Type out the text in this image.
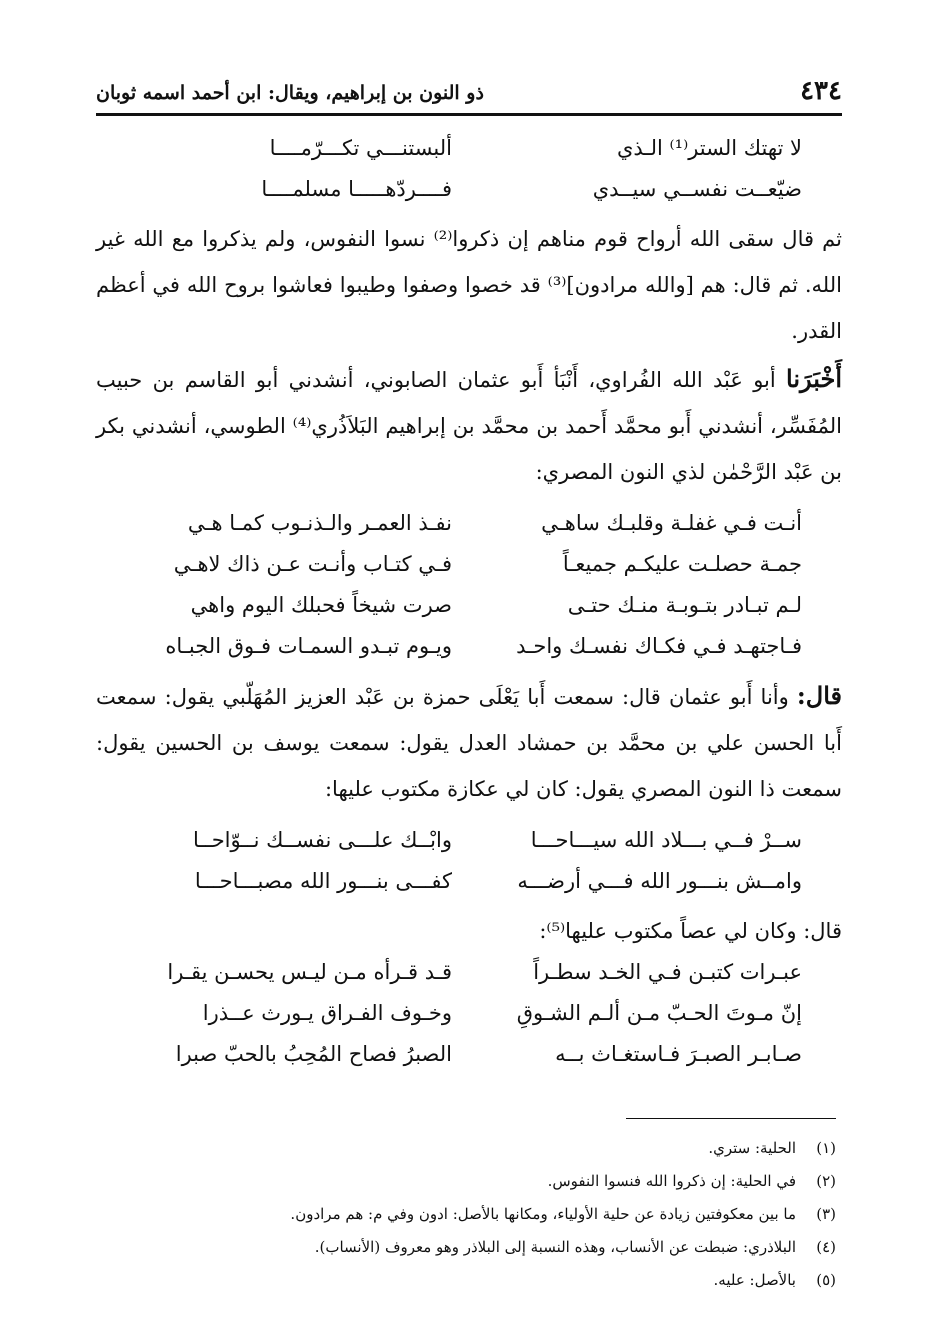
٤٣٤
ذو النون بن إبراهيم، ويقال: ابن أحمد اسمه ثوبان
لا تهتك الستر⁽¹⁾ الـذي
ألبستنـــي تكـــرّمــــا
ضيّعــت نفســي سيــدي
فــــردّهـــــا مسلمــــا

ثم قال سقى الله أرواح قوم مناهم إن ذكروا⁽²⁾ نسوا النفوس، ولم يذكروا مع الله غير الله. ثم قال: هم [والله مرادون]⁽³⁾ قد خصوا وصفوا وطيبوا فعاشوا بروح الله في أعظم القدر.

أَخْبَرَنا أبو عَبْد الله الفُراوي، أَنْبَأ أَبو عثمان الصابوني، أنشدني أبو القاسم بن حبيب المُفَسِّر، أنشدني أَبو محمَّد أَحمد بن محمَّد بن إبراهيم البَلاَذُري⁽⁴⁾ الطوسي، أنشدني بكر بن عَبْد الرَّحْمٰن لذي النون المصري:

أنـت فـي غفلـة وقلبـك ساهـي
نفـذ العمـر والـذنـوب كمـا هـي
جمـة حصلـت عليكـم جميعـاً
فـي كتـاب وأنـت عـن ذاك لاهـي
لـم تبـادر بتـوبـة منـك حتـى
صرت شيخاً فحبلك اليوم واهي
فـاجتهـد فـي فكـاك نفسـك واحـد
ويـوم تبـدو السمـات فـوق الجبـاه

قال: وأنا أَبو عثمان قال: سمعت أَبا يَعْلَى حمزة بن عَبْد العزيز المُهَلّبي يقول: سمعت أَبا الحسن علي بن محمَّد بن حمشاد العدل يقول: سمعت يوسف بن الحسين يقول: سمعت ذا النون المصري يقول: كان لي عكازة مكتوب عليها:

ســرْ فــي بـــلاد الله سيـــاحـــا
وابْــك علـــى نفســك نــوّاحــا
وامــش بنـــور الله فـــي أرضـــه
كفـــى بنـــور الله مصبـــاحـــا

قال: وكان لي عصاً مكتوب عليها⁽⁵⁾:

عبـرات كتبـن فـي الخـد سطـراً
قـد قـرأه مـن ليـس يحسـن يقـرا
إنّ مـوتَ الحـبّ مـن ألـم الشـوقِ
وخـوف الفـراق يـورث عــذرا
صـابـر الصبـرَ فـاستغـاث بــه
الصبرُ فصاح المُحِبُ بالحبّ صبرا
(١)الحلية: ستري.
(٢)في الحلية: إن ذكروا الله فنسوا النفوس.
(٣)ما بين معكوفتين زيادة عن حلية الأولياء، ومكانها بالأصل: ادون وفي م: هم مرادون.
(٤)البلاذري: ضبطت عن الأنساب، وهذه النسبة إلى البلاذر وهو معروف (الأنساب).
(٥)بالأصل: عليه.
